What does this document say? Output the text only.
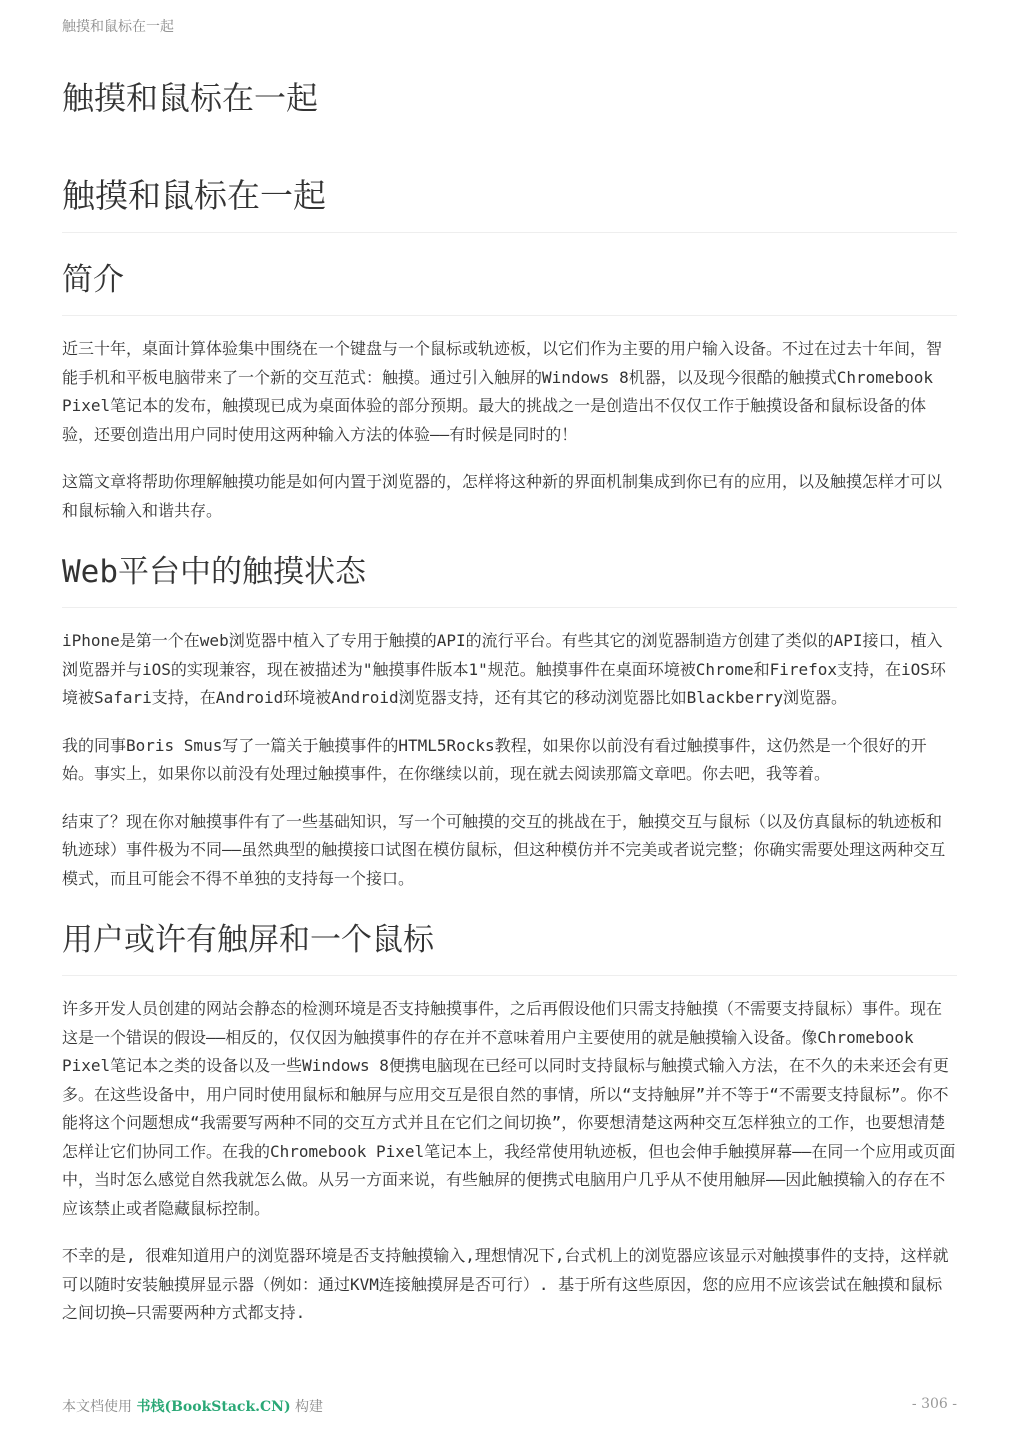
触摸和鼠标在一起
触摸和鼠标在一起
触摸和鼠标在一起
简介

近三十年，桌面计算体验集中围绕在一个键盘与一个鼠标或轨迹板，以它们作为主要的用户输入设备。不过在过去十年间，智能手机和平板电脑带来了一个新的交互范式：触摸。通过引入触屏的Windows 8机器，以及现今很酷的触摸式Chromebook Pixel笔记本的发布，触摸现已成为桌面体验的部分预期。最大的挑战之一是创造出不仅仅工作于触摸设备和鼠标设备的体验，还要创造出用户同时使用这两种输入方法的体验——有时候是同时的！

这篇文章将帮助你理解触摸功能是如何内置于浏览器的，怎样将这种新的界面机制集成到你已有的应用，以及触摸怎样才可以和鼠标输入和谐共存。

Web平台中的触摸状态

iPhone是第一个在web浏览器中植入了专用于触摸的API的流行平台。有些其它的浏览器制造方创建了类似的API接口，植入浏览器并与iOS的实现兼容，现在被描述为"触摸事件版本1"规范。触摸事件在桌面环境被Chrome和Firefox支持，在iOS环境被Safari支持，在Android环境被Android浏览器支持，还有其它的移动浏览器比如Blackberry浏览器。

我的同事Boris Smus写了一篇关于触摸事件的HTML5Rocks教程，如果你以前没有看过触摸事件，这仍然是一个很好的开始。事实上，如果你以前没有处理过触摸事件，在你继续以前，现在就去阅读那篇文章吧。你去吧，我等着。

结束了？现在你对触摸事件有了一些基础知识，写一个可触摸的交互的挑战在于，触摸交互与鼠标（以及仿真鼠标的轨迹板和轨迹球）事件极为不同——虽然典型的触摸接口试图在模仿鼠标，但这种模仿并不完美或者说完整；你确实需要处理这两种交互模式，而且可能会不得不单独的支持每一个接口。

用户或许有触屏和一个鼠标

许多开发人员创建的网站会静态的检测环境是否支持触摸事件，之后再假设他们只需支持触摸（不需要支持鼠标）事件。现在这是一个错误的假设——相反的，仅仅因为触摸事件的存在并不意味着用户主要使用的就是触摸输入设备。像Chromebook Pixel笔记本之类的设备以及一些Windows 8便携电脑现在已经可以同时支持鼠标与触摸式输入方法，在不久的未来还会有更多。在这些设备中，用户同时使用鼠标和触屏与应用交互是很自然的事情，所以“支持触屏”并不等于“不需要支持鼠标”。你不能将这个问题想成“我需要写两种不同的交互方式并且在它们之间切换”，你要想清楚这两种交互怎样独立的工作，也要想清楚怎样让它们协同工作。在我的Chromebook Pixel笔记本上，我经常使用轨迹板，但也会伸手触摸屏幕——在同一个应用或页面中，当时怎么感觉自然我就怎么做。从另一方面来说，有些触屏的便携式电脑用户几乎从不使用触屏——因此触摸输入的存在不应该禁止或者隐藏鼠标控制。

不幸的是, 很难知道用户的浏览器环境是否支持触摸输入,理想情况下,台式机上的浏览器应该显示对触摸事件的支持，这样就可以随时安装触摸屏显示器（例如：通过KVM连接触摸屏是否可行）. 基于所有这些原因，您的应用不应该尝试在触摸和鼠标之间切换—只需要两种方式都支持.

本文档使用 书栈(BookStack.CN) 构建	- 306 -
